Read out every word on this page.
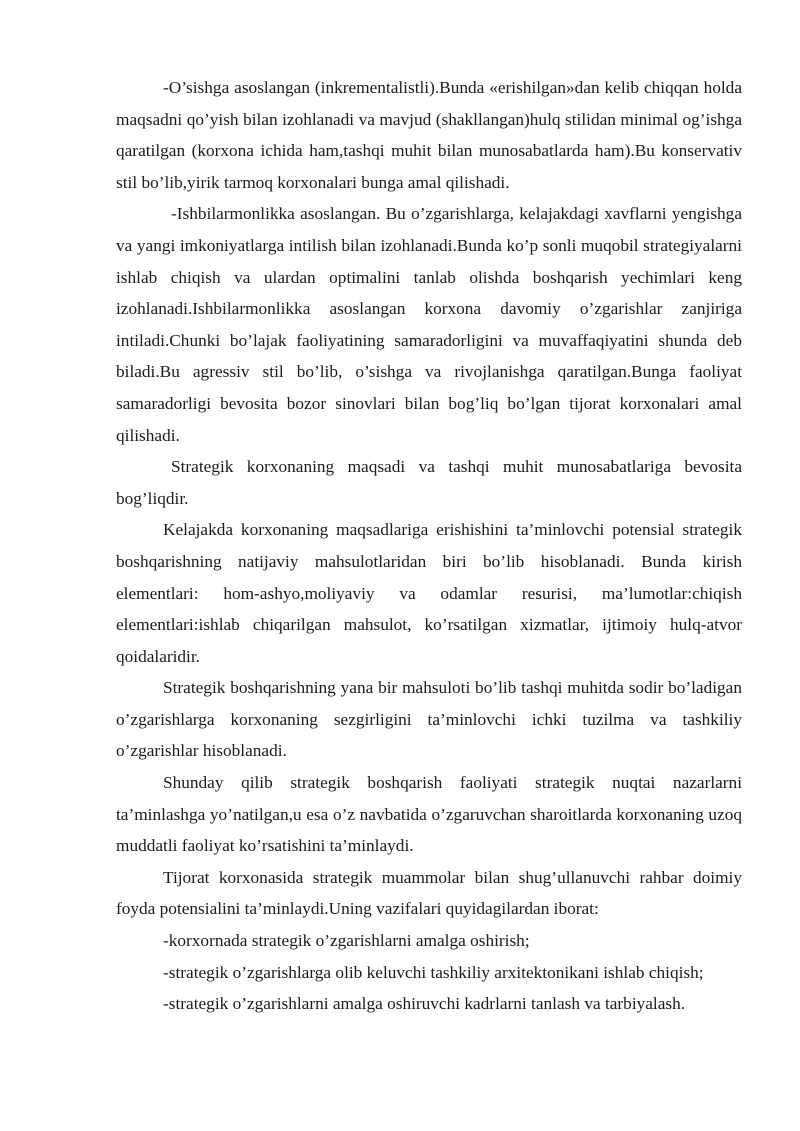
-O’sishga asoslangan (inkrementalistli).Bunda «erishilgan»dan kelib chiqqan holda maqsadni qo’yish bilan izohlanadi va mavjud (shakllangan)hulq stilidan minimal og’ishga qaratilgan (korxona ichida ham,tashqi muhit bilan munosabatlarda ham).Bu konservativ stil bo’lib,yirik tarmoq korxonalari bunga amal qilishadi.

-Ishbilarmonlikka asoslangan. Bu o’zgarishlarga, kelajakdagi xavflarni yengishga va yangi imkoniyatlarga intilish bilan izohlanadi.Bunda ko’p sonli muqobil strategiyalarni ishlab chiqish va ulardan optimalini tanlab olishda boshqarish yechimlari keng izohlanadi.Ishbilarmonlikka asoslangan korxona davomiy o’zgarishlar zanjiriga intiladi.Chunki bo’lajak faoliyatining samaradorligini va muvaffaqiyatini shunda deb biladi.Bu agressiv stil bo’lib, o’sishga va rivojlanishga qaratilgan.Bunga faoliyat samaradorligi bevosita bozor sinovlari bilan bog’liq bo’lgan tijorat korxonalari amal qilishadi.

Strategik korxonaning maqsadi va tashqi muhit munosabatlariga bevosita bog’liqdir.

Kelajakda korxonaning maqsadlariga erishishini ta’minlovchi potensial strategik boshqarishning natijaviy mahsulotlaridan biri bo’lib hisoblanadi. Bunda kirish elementlari: hom-ashyo,moliyaviy va odamlar resurisi, ma’lumotlar:chiqish elementlari:ishlab chiqarilgan mahsulot, ko’rsatilgan xizmatlar, ijtimoiy hulq-atvor qoidalaridir.

Strategik boshqarishning yana bir mahsuloti bo’lib tashqi muhitda sodir bo’ladigan o’zgarishlarga korxonaning sezgirligini ta’minlovchi ichki tuzilma va tashkiliy o’zgarishlar hisoblanadi.

Shunday qilib strategik boshqarish faoliyati strategik nuqtai nazarlarni ta’minlashga yo’natilgan,u esa o’z navbatida o’zgaruvchan sharoitlarda korxonaning uzoq muddatli faoliyat ko’rsatishini ta’minlaydi.

Tijorat korxonasida strategik muammolar bilan shug’ullanuvchi rahbar doimiy foyda potensialini ta’minlaydi.Uning vazifalari quyidagilardan iborat:

-korxornada strategik o’zgarishlarni amalga oshirish;

-strategik o’zgarishlarga olib keluvchi tashkiliy arxitektonikani ishlab chiqish;

-strategik o’zgarishlarni amalga oshiruvchi kadrlarni tanlash va tarbiyalash.
